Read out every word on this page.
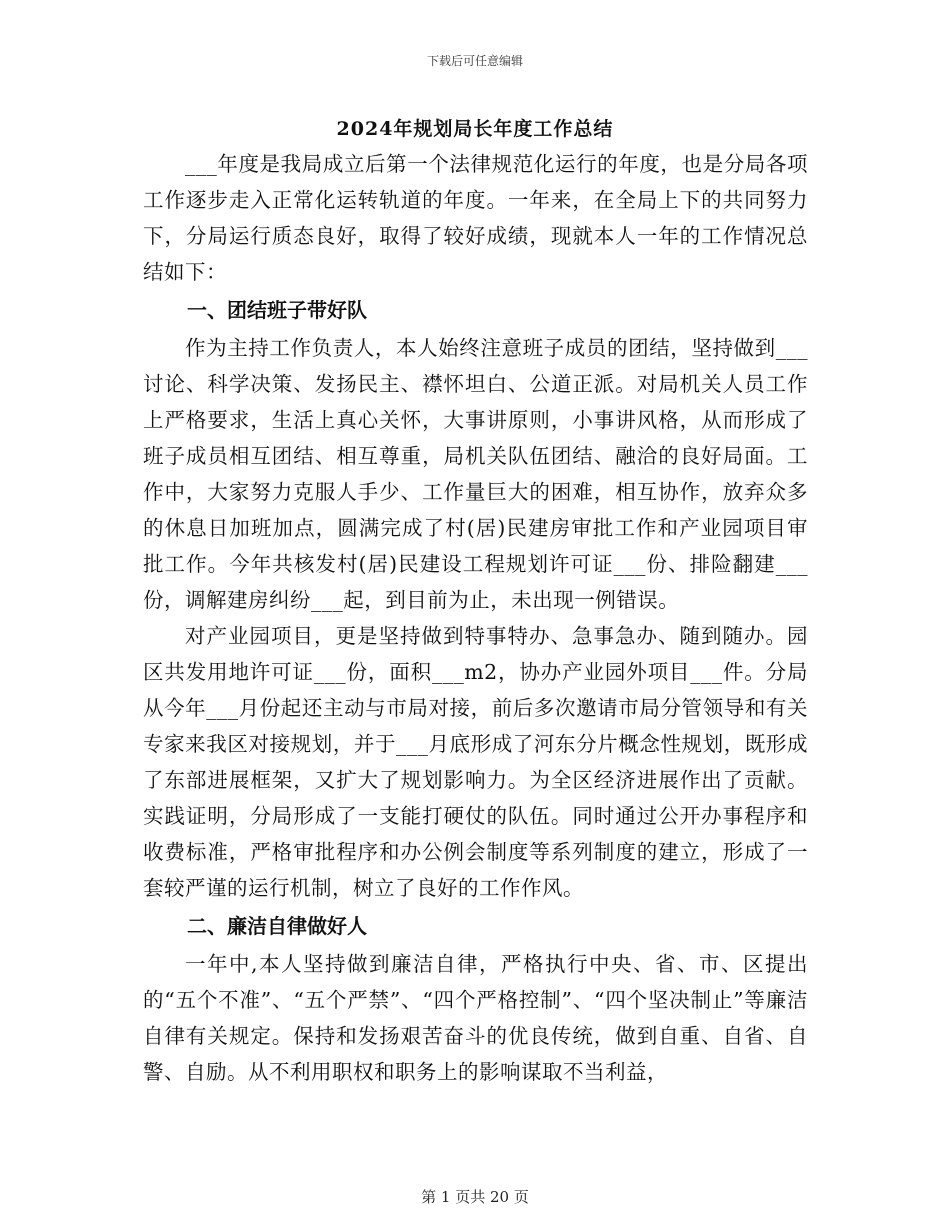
下载后可任意编辑
2024年规划局长年度工作总结

___年度是我局成立后第一个法律规范化运行的年度，也是分局各项工作逐步走入正常化运转轨道的年度。一年来，在全局上下的共同努力下，分局运行质态良好，取得了较好成绩，现就本人一年的工作情况总结如下：

一、团结班子带好队

作为主持工作负责人，本人始终注意班子成员的团结，坚持做到___讨论、科学决策、发扬民主、襟怀坦白、公道正派。对局机关人员工作上严格要求，生活上真心关怀，大事讲原则，小事讲风格，从而形成了班子成员相互团结、相互尊重，局机关队伍团结、融洽的良好局面。工作中，大家努力克服人手少、工作量巨大的困难，相互协作，放弃众多的休息日加班加点，圆满完成了村(居)民建房审批工作和产业园项目审批工作。今年共核发村(居)民建设工程规划许可证___份、排险翻建___份，调解建房纠纷___起，到目前为止，未出现一例错误。

对产业园项目，更是坚持做到特事特办、急事急办、随到随办。园区共发用地许可证___份，面积___m2，协办产业园外项目___件。分局从今年___月份起还主动与市局对接，前后多次邀请市局分管领导和有关专家来我区对接规划，并于___月底形成了河东分片概念性规划，既形成了东部进展框架，又扩大了规划影响力。为全区经济进展作出了贡献。实践证明，分局形成了一支能打硬仗的队伍。同时通过公开办事程序和收费标准，严格审批程序和办公例会制度等系列制度的建立，形成了一套较严谨的运行机制，树立了良好的工作作风。

二、廉洁自律做好人

一年中,本人坚持做到廉洁自律，严格执行中央、省、市、区提出的“五个不准”、“五个严禁”、“四个严格控制”、“四个坚决制止”等廉洁自律有关规定。保持和发扬艰苦奋斗的优良传统，做到自重、自省、自警、自励。从不利用职权和职务上的影响谋取不当利益，

第 1 页共 20 页
